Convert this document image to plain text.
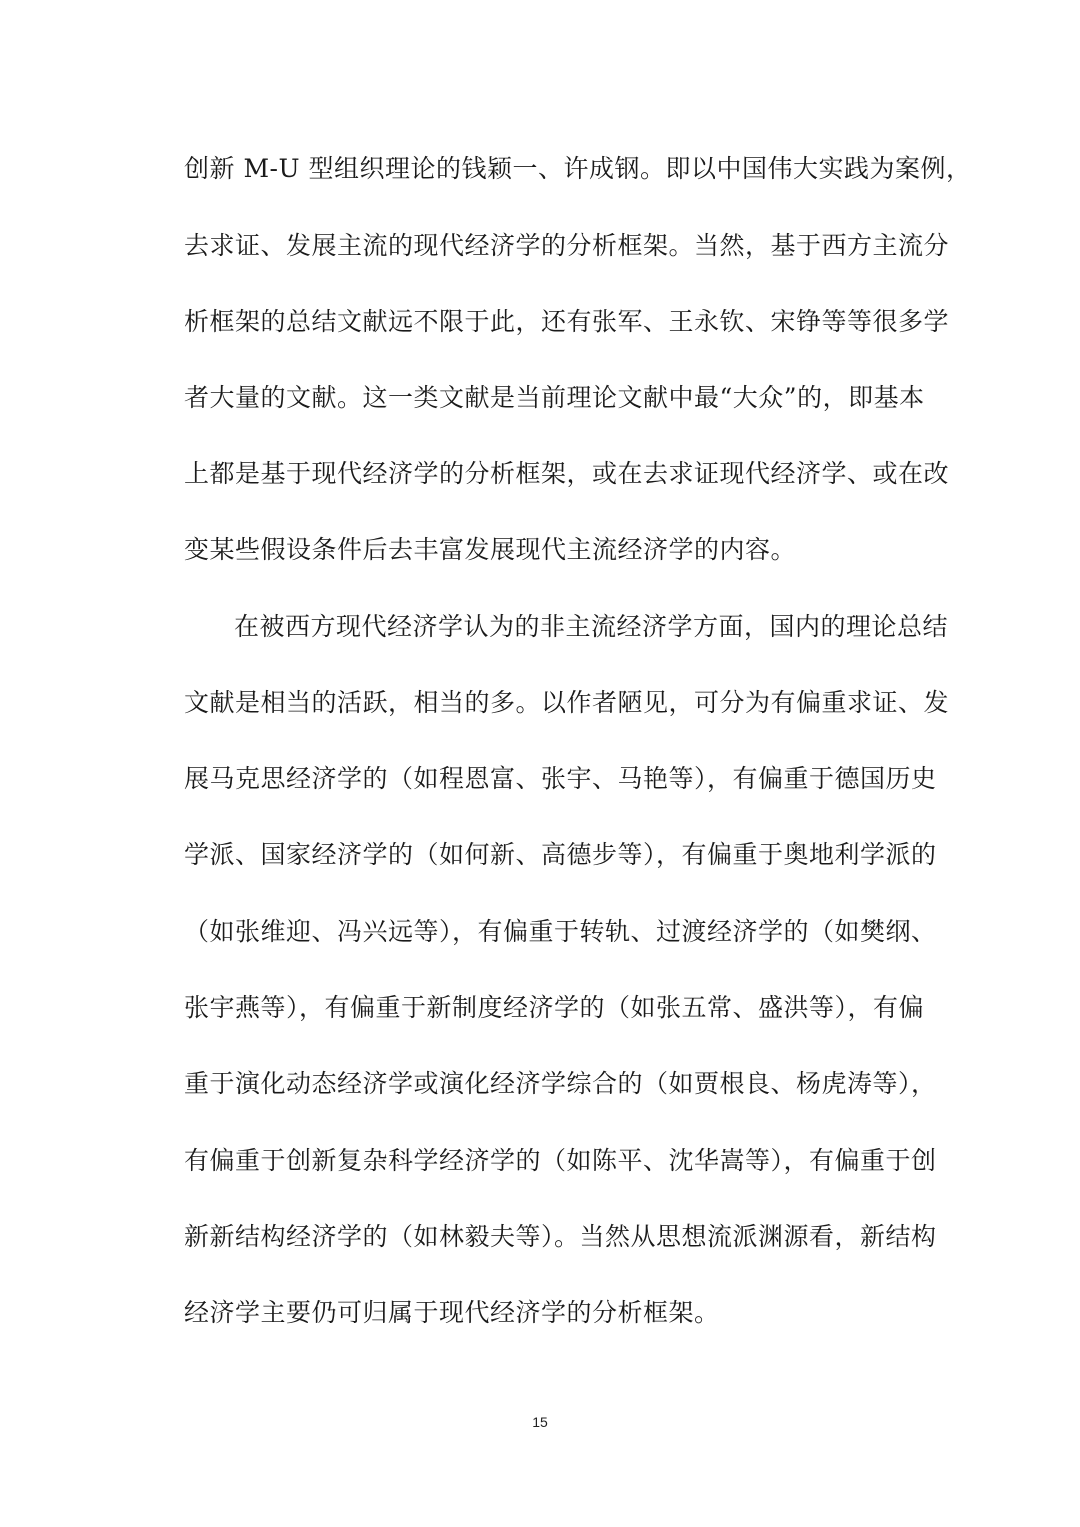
创新 M-U 型组织理论的钱颖一、许成钢。即以中国伟大实践为案例，
去求证、发展主流的现代经济学的分析框架。当然，基于西方主流分
析框架的总结文献远不限于此，还有张军、王永钦、宋铮等等很多学
者大量的文献。这一类文献是当前理论文献中最“大众”的，即基本
上都是基于现代经济学的分析框架，或在去求证现代经济学、或在改
变某些假设条件后去丰富发展现代主流经济学的内容。
在被西方现代经济学认为的非主流经济学方面，国内的理论总结
文献是相当的活跃，相当的多。以作者陋见，可分为有偏重求证、发
展马克思经济学的（如程恩富、张宇、马艳等），有偏重于德国历史
学派、国家经济学的（如何新、高德步等），有偏重于奥地利学派的
（如张维迎、冯兴远等），有偏重于转轨、过渡经济学的（如樊纲、
张宇燕等），有偏重于新制度经济学的（如张五常、盛洪等），有偏
重于演化动态经济学或演化经济学综合的（如贾根良、杨虎涛等），
有偏重于创新复杂科学经济学的（如陈平、沈华嵩等），有偏重于创
新新结构经济学的（如林毅夫等）。当然从思想流派渊源看，新结构
经济学主要仍可归属于现代经济学的分析框架。
15
